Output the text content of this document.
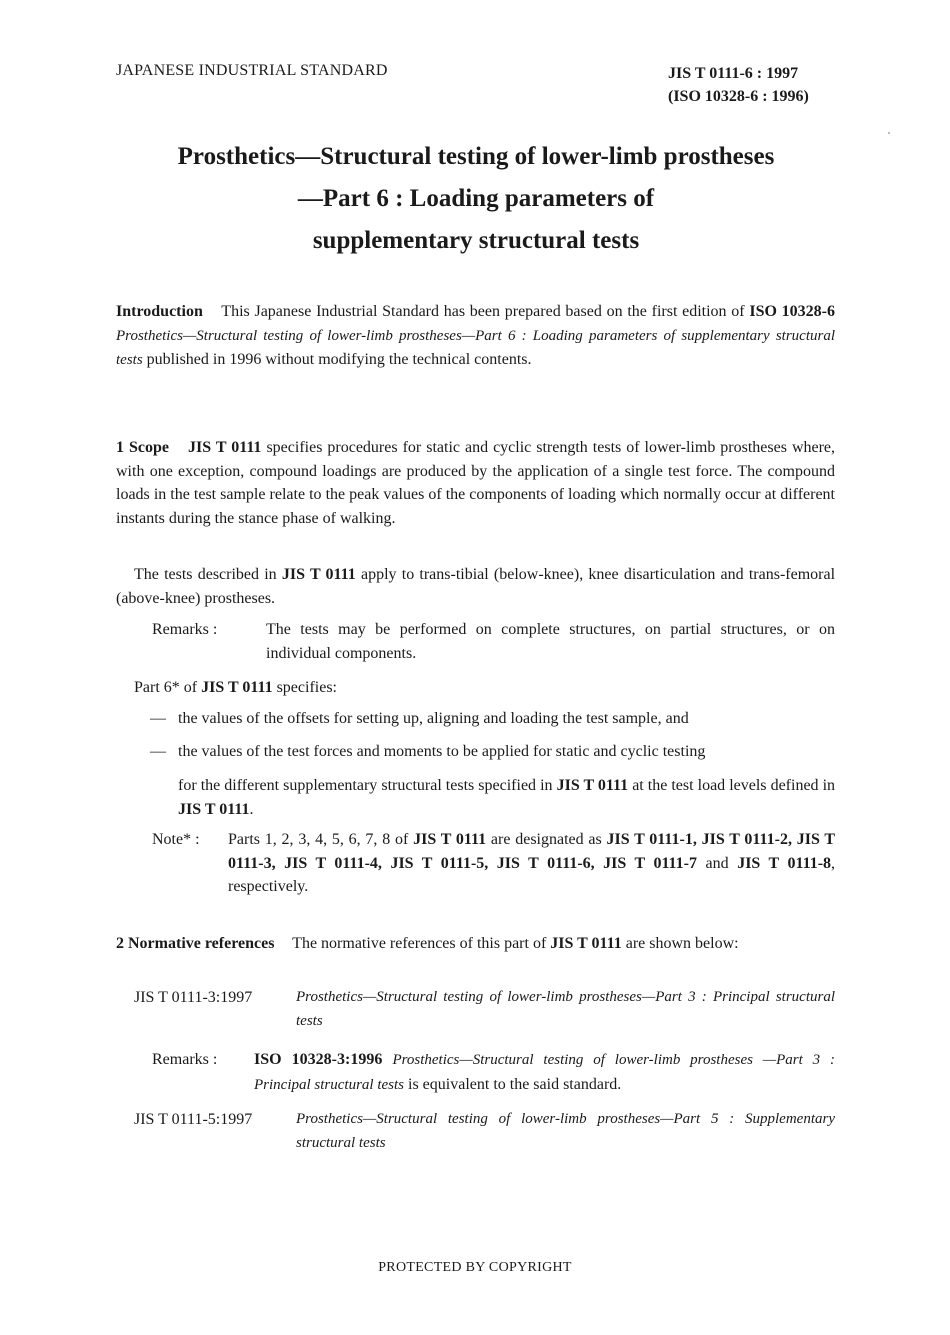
JAPANESE INDUSTRIAL STANDARD	JIS T 0111-6 : 1997
(ISO 10328-6 : 1996)
Prosthetics—Structural testing of lower-limb prostheses
—Part 6 : Loading parameters of
supplementary structural tests
Introduction This Japanese Industrial Standard has been prepared based on the first edition of ISO 10328-6 Prosthetics—Structural testing of lower-limb prostheses—Part 6 : Loading parameters of supplementary structural tests published in 1996 without modifying the technical contents.
1 Scope JIS T 0111 specifies procedures for static and cyclic strength tests of lower-limb prostheses where, with one exception, compound loadings are produced by the application of a single test force. The compound loads in the test sample relate to the peak values of the components of loading which normally occur at different instants during the stance phase of walking.
The tests described in JIS T 0111 apply to trans-tibial (below-knee), knee disarticulation and trans-femoral (above-knee) prostheses.
Remarks :	The tests may be performed on complete structures, on partial structures, or on individual components.
Part 6* of JIS T 0111 specifies:
— the values of the offsets for setting up, aligning and loading the test sample, and
— the values of the test forces and moments to be applied for static and cyclic testing
for the different supplementary structural tests specified in JIS T 0111 at the test load levels defined in JIS T 0111.
Note* :	Parts 1, 2, 3, 4, 5, 6, 7, 8 of JIS T 0111 are designated as JIS T 0111-1, JIS T 0111-2, JIS T 0111-3, JIS T 0111-4, JIS T 0111-5, JIS T 0111-6, JIS T 0111-7 and JIS T 0111-8, respectively.
2 Normative references The normative references of this part of JIS T 0111 are shown below:
JIS T 0111-3:1997	Prosthetics—Structural testing of lower-limb prostheses—Part 3 : Principal structural tests
Remarks :	ISO 10328-3:1996 Prosthetics—Structural testing of lower-limb prostheses —Part 3 : Principal structural tests is equivalent to the said standard.
JIS T 0111-5:1997	Prosthetics—Structural testing of lower-limb prostheses—Part 5 : Supplementary structural tests
PROTECTED BY COPYRIGHT
